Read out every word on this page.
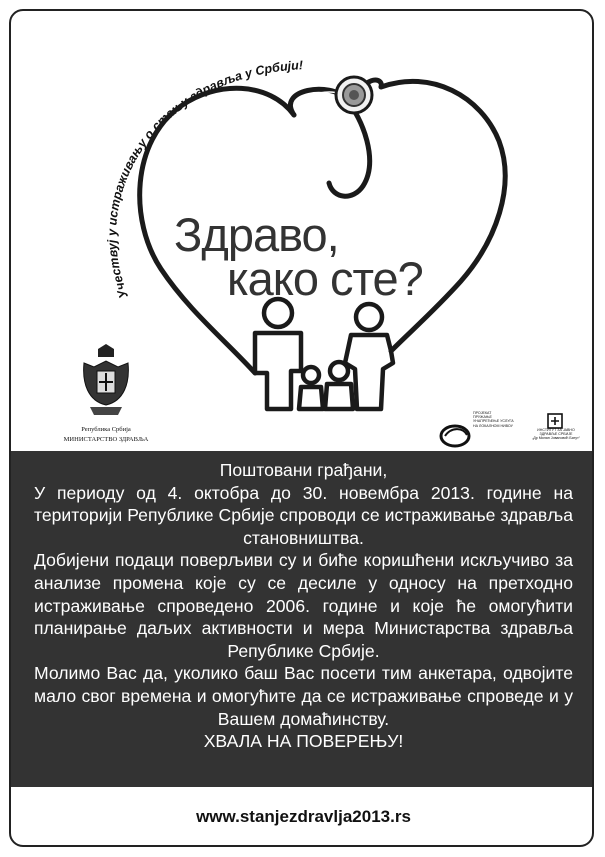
Учествуј у истраживању о стању здравља у Србији!
Здраво,
како сте?
Република Србија
МИНИСТАРСТВО ЗДРАВЉА
ПРОЈЕКАТ
ПРУЖАЊЕ
УНАПРЕЂЕЊЕ УСЛУГА
НА ЛОКАЛНОМ НИВОУ
ИНСТИТУТ ЗА ЈАВНО ЗДРАВЉЕ СРБИЈЕ
„Др Милан Јовановић Батут“

Поштовани грађани,

У периоду од 4. октобра до 30. новембра 2013. године на територији Републике Србије спроводи се истраживање здравља становништва.

Добијени подаци поверљиви су и биће коришћени искључиво за анализе промена које су се десиле у односу на претходно истраживање спроведено 2006. године и које ће омогућити планирање даљих активности и мера Министарства здравља Републике Србије.

Молимо Вас да, уколико баш Вас посети тим анкетара, одвојите мало свог времена и омогућите да се истраживање спроведе и у Вашем домаћинству.

ХВАЛА НА ПОВЕРЕЊУ!

www.stanjezdravlja2013.rs
